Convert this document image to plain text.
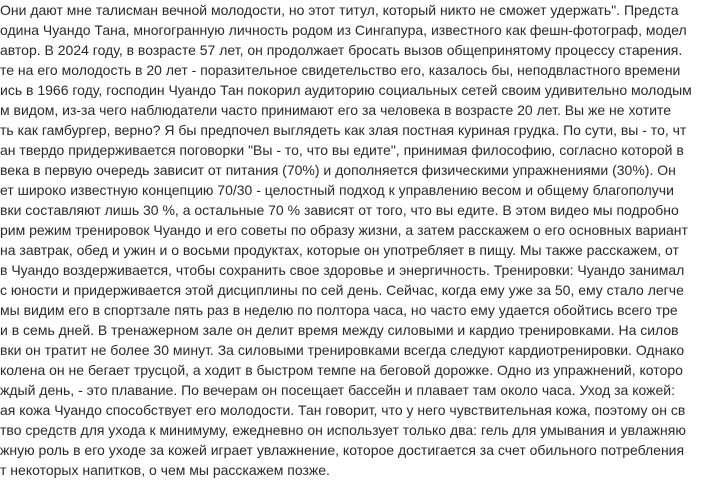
Они дают мне талисман вечной молодости, но этот титул, который никто не сможет удержать". Предста
одина Чуандо Тана, многогранную личность родом из Сингапура, известного как фешн-фотограф, модел
автор. В 2024 году, в возрасте 57 лет, он продолжает бросать вызов общепринятому процессу старения.
те на его молодость в 20 лет - поразительное свидетельство его, казалось бы, неподвластного времени
ись в 1966 году, господин Чуандо Тан покорил аудиторию социальных сетей своим удивительно молодым
м видом, из-за чего наблюдатели часто принимают его за человека в возрасте 20 лет. Вы же не хотите
ть как гамбургер, верно? Я бы предпочел выглядеть как злая постная куриная грудка. По сути, вы - то, чт
ан твердо придерживается поговорки "Вы - то, что вы едите", принимая философию, согласно которой в
века в первую очередь зависит от питания (70%) и дополняется физическими упражнениями (30%). Он
ет широко известную концепцию 70/30 - целостный подход к управлению весом и общему благополучи
вки составляют лишь 30 %, а остальные 70 % зависят от того, что вы едите. В этом видео мы подробно
рим режим тренировок Чуандо и его советы по образу жизни, а затем расскажем о его основных вариант
на завтрак, обед и ужин и о восьми продуктах, которые он употребляет в пищу. Мы также расскажем, от
в Чуандо воздерживается, чтобы сохранить свое здоровье и энергичность. Тренировки: Чуандо занимал
с юности и придерживается этой дисциплины по сей день. Сейчас, когда ему уже за 50, ему стало легче
мы видим его в спортзале пять раз в неделю по полтора часа, но часто ему удается обойтись всего тре
и в семь дней. В тренажерном зале он делит время между силовыми и кардио тренировками. На силов
вки он тратит не более 30 минут. За силовыми тренировками всегда следуют кардиотренировки. Однако
колена он не бегает трусцой, а ходит в быстром темпе на беговой дорожке. Одно из упражнений, которо
ждый день, - это плавание. По вечерам он посещает бассейн и плавает там около часа. Уход за кожей:
ая кожа Чуандо способствует его молодости. Тан говорит, что у него чувствительная кожа, поэтому он св
тво средств для ухода к минимуму, ежедневно он использует только два: гель для умывания и увлажняю
жную роль в его уходе за кожей играет увлажнение, которое достигается за счет обильного потребления
т некоторых напитков, о чем мы расскажем позже.
